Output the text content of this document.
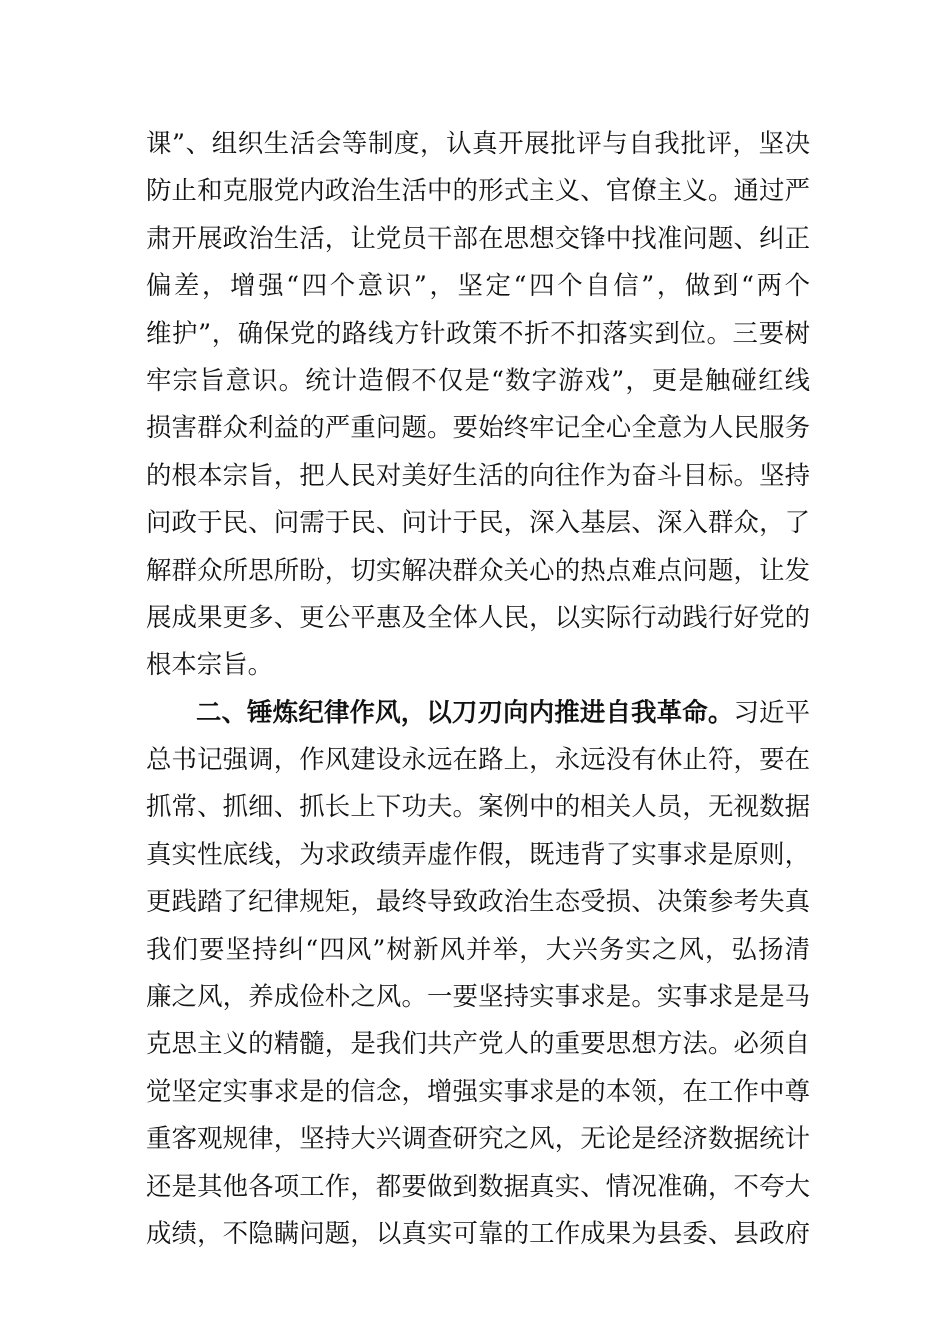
课”、组织生活会等制度，认真开展批评与自我批评，坚决
防止和克服党内政治生活中的形式主义、官僚主义。通过严
肃开展政治生活，让党员干部在思想交锋中找准问题、纠正
偏差，增强“四个意识”，坚定“四个自信”，做到“两个
维护”，确保党的路线方针政策不折不扣落实到位。三要树
牢宗旨意识。统计造假不仅是“数字游戏”，更是触碰红线
损害群众利益的严重问题。要始终牢记全心全意为人民服务
的根本宗旨，把人民对美好生活的向往作为奋斗目标。坚持
问政于民、问需于民、问计于民，深入基层、深入群众，了
解群众所思所盼，切实解决群众关心的热点难点问题，让发
展成果更多、更公平惠及全体人民，以实际行动践行好党的
根本宗旨。
二、锤炼纪律作风，以刀刃向内推进自我革命。习近平
总书记强调，作风建设永远在路上，永远没有休止符，要在
抓常、抓细、抓长上下功夫。案例中的相关人员，无视数据
真实性底线，为求政绩弄虚作假，既违背了实事求是原则，
更践踏了纪律规矩，最终导致政治生态受损、决策参考失真
我们要坚持纠“四风”树新风并举，大兴务实之风，弘扬清
廉之风，养成俭朴之风。一要坚持实事求是。实事求是是马
克思主义的精髓，是我们共产党人的重要思想方法。必须自
觉坚定实事求是的信念，增强实事求是的本领，在工作中尊
重客观规律，坚持大兴调查研究之风，无论是经济数据统计
还是其他各项工作，都要做到数据真实、情况准确，不夸大
成绩，不隐瞒问题，以真实可靠的工作成果为县委、县政府
